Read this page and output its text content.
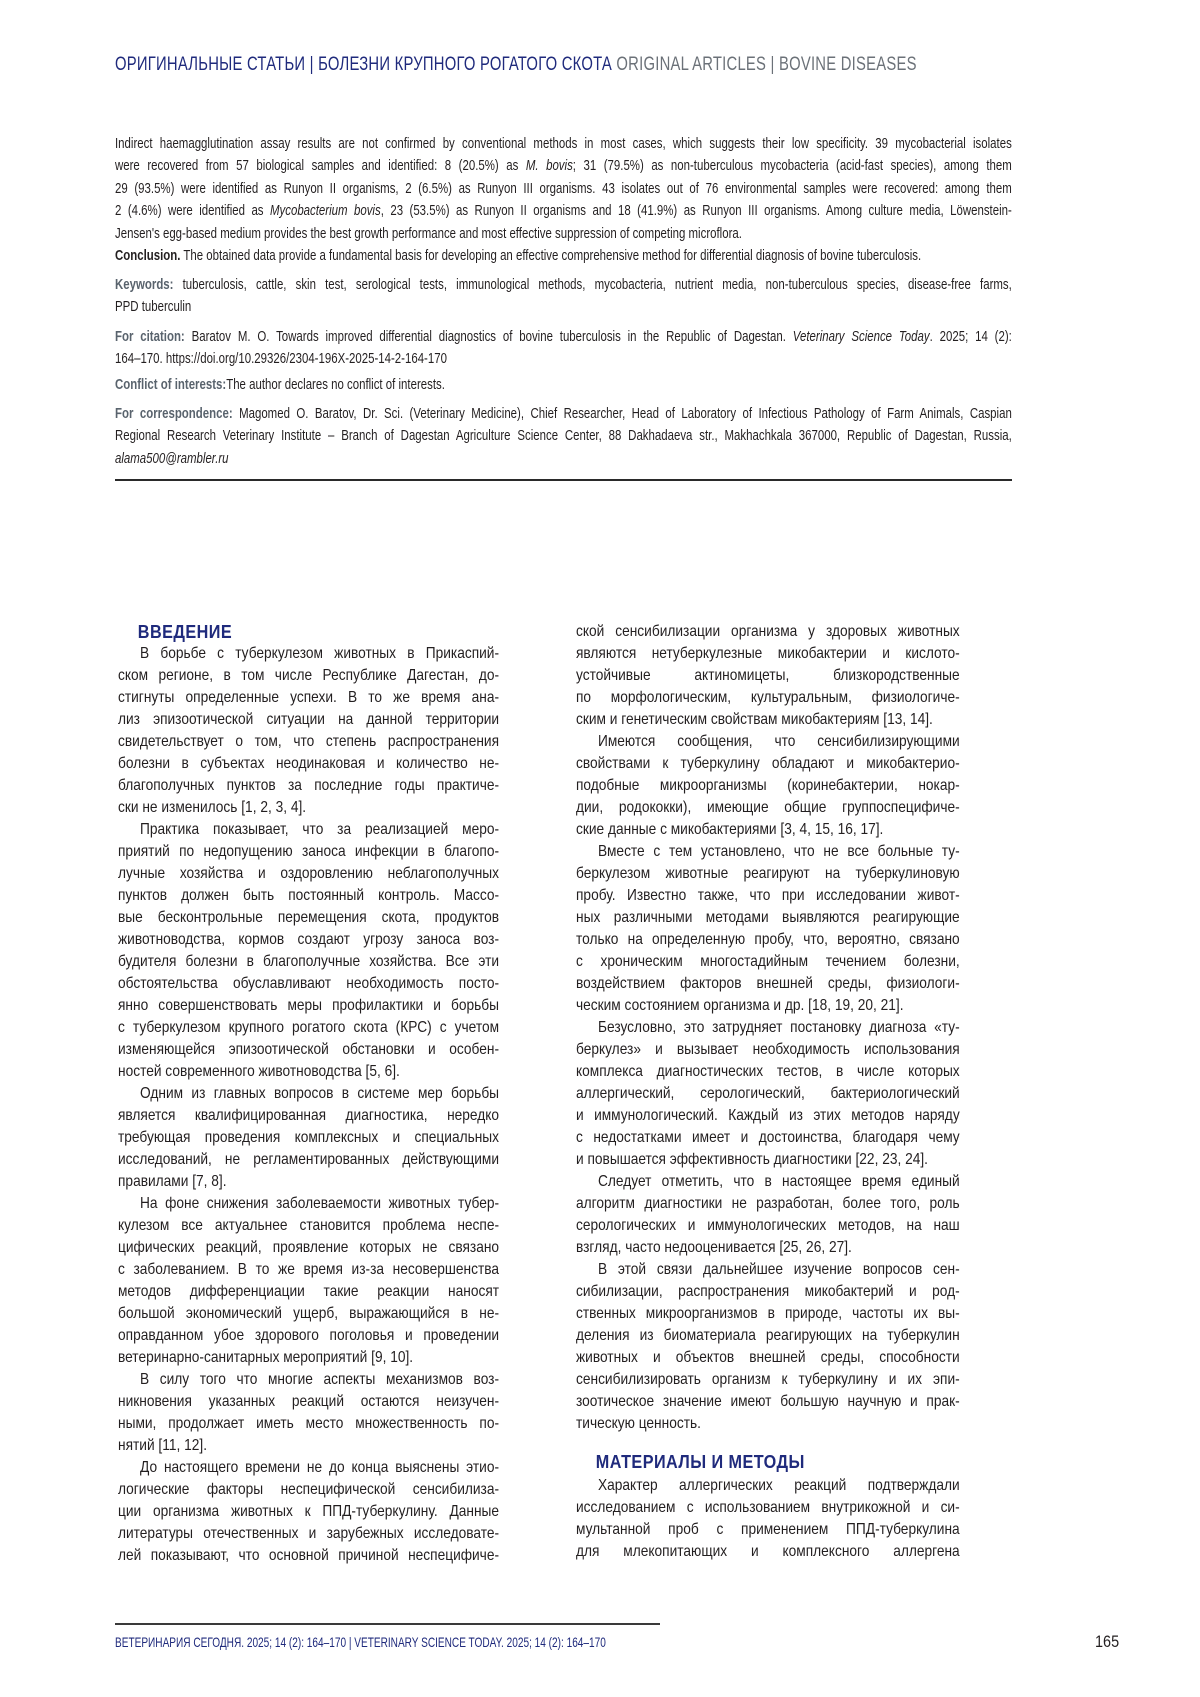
ОРИГИНАЛЬНЫЕ СТАТЬИ | БОЛЕЗНИ КРУПНОГО РОГАТОГО СКОТА ORIGINAL ARTICLES | BOVINE DISEASES
Indirect haemagglutination assay results are not confirmed by conventional methods in most cases, which suggests their low specificity. 39 mycobacterial isolates
were recovered from 57 biological samples and identified: 8 (20.5%) as M. bovis; 31 (79.5%) as non-tuberculous mycobacteria (acid-fast species), among them
29 (93.5%) were identified as Runyon II organisms, 2 (6.5%) as Runyon III organisms. 43 isolates out of 76 environmental samples were recovered: among them
2 (4.6%) were identified as Mycobacterium bovis, 23 (53.5%) as Runyon II organisms and 18 (41.9%) as Runyon III organisms. Among culture media, Löwenstein-
Jensen's egg-based medium provides the best growth performance and most effective suppression of competing microflora.
Conclusion. The obtained data provide a fundamental basis for developing an effective comprehensive method for differential diagnosis of bovine tuberculosis.
Keywords: tuberculosis, cattle, skin test, serological tests, immunological methods, mycobacteria, nutrient media, non-tuberculous species, disease-free farms,
PPD tuberculin
For citation: Baratov M. O. Towards improved differential diagnostics of bovine tuberculosis in the Republic of Dagestan. Veterinary Science Today. 2025; 14 (2):
164–170. https://doi.org/10.29326/2304-196X-2025-14-2-164-170
Conflict of interests:The author declares no conflict of interests.
For correspondence: Magomed O. Baratov, Dr. Sci. (Veterinary Medicine), Chief Researcher, Head of Laboratory of Infectious Pathology of Farm Animals, Caspian
Regional Research Veterinary Institute – Branch of Dagestan Agriculture Science Center, 88 Dakhadaeva str., Makhachkala 367000, Republic of Dagestan, Russia,
alama500@rambler.ru
ВВЕДЕНИЕ
В борьбе с туберкулезом животных в Прикаспий-
ском регионе, в том числе Республике Дагестан, до-
стигнуты определенные успехи. В то же время ана-
лиз эпизоотической ситуации на данной территории
свидетельствует о том, что степень распространения
болезни в субъектах неодинаковая и количество не-
благополучных пунктов за последние годы практиче-
ски не изменилось [1, 2, 3, 4].
Практика показывает, что за реализацией меро-
приятий по недопущению заноса инфекции в благопо-
лучные хозяйства и оздоровлению неблагополучных
пунктов должен быть постоянный контроль. Массо-
вые бесконтрольные перемещения скота, продуктов
животноводства, кормов создают угрозу заноса воз-
будителя болезни в благополучные хозяйства. Все эти
обстоятельства обуславливают необходимость посто-
янно совершенствовать меры профилактики и борьбы
с туберкулезом крупного рогатого скота (КРС) с учетом
изменяющейся эпизоотической обстановки и особен-
ностей современного животноводства [5, 6].
Одним из главных вопросов в системе мер борьбы
является квалифицированная диагностика, нередко
требующая проведения комплексных и специальных
исследований, не регламентированных действующими
правилами [7, 8].
На фоне снижения заболеваемости животных тубер-
кулезом все актуальнее становится проблема неспе-
цифических реакций, проявление которых не связано
с заболеванием. В то же время из-за несовершенства
методов дифференциации такие реакции наносят
большой экономический ущерб, выражающийся в не-
оправданном убое здорового поголовья и проведении
ветеринарно-санитарных мероприятий [9, 10].
В силу того что многие аспекты механизмов воз-
никновения указанных реакций остаются неизучен-
ными, продолжает иметь место множественность по-
нятий [11, 12].
До настоящего времени не до конца выяснены этио-
логические факторы неспецифической сенсибилиза-
ции организма животных к ППД-туберкулину. Данные
литературы отечественных и зарубежных исследовате-
лей показывают, что основной причиной неспецифиче-
ской сенсибилизации организма у здоровых животных
являются нетуберкулезные микобактерии и кислото-
устойчивые актиномицеты, близкородственные
по морфологическим, культуральным, физиологиче-
ским и генетическим свойствам микобактериям [13, 14].
Имеются сообщения, что сенсибилизирующими
свойствами к туберкулину обладают и микобактерио-
подобные микроорганизмы (коринебактерии, нокар-
дии, родококки), имеющие общие группоспецифиче-
ские данные с микобактериями [3, 4, 15, 16, 17].
Вместе с тем установлено, что не все больные ту-
беркулезом животные реагируют на туберкулиновую
пробу. Известно также, что при исследовании живот-
ных различными методами выявляются реагирующие
только на определенную пробу, что, вероятно, связано
с хроническим многостадийным течением болезни,
воздействием факторов внешней среды, физиологи-
ческим состоянием организма и др. [18, 19, 20, 21].
Безусловно, это затрудняет постановку диагноза «ту-
беркулез» и вызывает необходимость использования
комплекса диагностических тестов, в числе которых
аллергический, серологический, бактериологический
и иммунологический. Каждый из этих методов наряду
с недостатками имеет и достоинства, благодаря чему
и повышается эффективность диагностики [22, 23, 24].
Следует отметить, что в настоящее время единый
алгоритм диагностики не разработан, более того, роль
серологических и иммунологических методов, на наш
взгляд, часто недооценивается [25, 26, 27].
В этой связи дальнейшее изучение вопросов сен-
сибилизации, распространения микобактерий и род-
ственных микроорганизмов в природе, частоты их вы-
деления из биоматериала реагирующих на туберкулин
животных и объектов внешней среды, способности
сенсибилизировать организм к туберкулину и их эпи-
зоотическое значение имеют большую научную и прак-
тическую ценность.
МАТЕРИАЛЫ И МЕТОДЫ
Характер аллергических реакций подтверждали
исследованием с использованием внутрикожной и си-
мультанной проб с применением ППД-туберкулина
для млекопитающих и комплексного аллергена
ВЕТЕРИНАРИЯ СЕГОДНЯ. 2025; 14 (2): 164–170 | VETERINARY SCIENCE TODAY. 2025; 14 (2): 164–170	165
